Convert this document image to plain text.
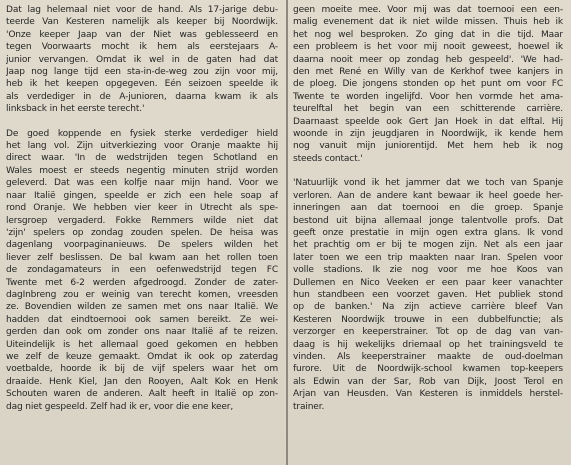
Dat lag helemaal niet voor de hand. Als 17-jarige debu-
teerde Van Kesteren namelijk als keeper bij Noordwijk.
'Onze keeper Jaap van der Niet was geblesseerd en
tegen Voorwaarts mocht ik hem als eerstejaars A-
junior vervangen. Omdat ik wel in de gaten had dat
Jaap nog lange tijd een sta-in-de-weg zou zijn voor mij,
heb ik het keepen opgegeven. Eén seizoen speelde ik
als verdediger in de A-junioren, daarna kwam ik als
linksback in het eerste terecht.'
De goed koppende en fysiek sterke verdediger hield
het lang vol. Zijn uitverkiezing voor Oranje maakte hij
direct waar. 'In de wedstrijden tegen Schotland en
Wales moest er steeds negentig minuten strijd worden
geleverd. Dat was een kolfje naar mijn hand. Voor we
naar Italië gingen, speelde er zich een hele soap af
rond Oranje. We hebben vier keer in Utrecht als spe-
lersgroep vergaderd. Fokke Remmers wilde niet dat
'zijn' spelers op zondag zouden spelen. De heisa was
dagenlang voorpaginanieuws. De spelers wilden het
liever zelf beslissen. De bal kwam aan het rollen toen
de zondagamateurs in een oefenwedstrijd tegen FC
Twente met 6-2 werden afgedroogd. Zonder de zater-
dagInbreng zou er weinig van terecht komen, vreesden
ze. Bovendien wilden ze samen met ons naar Italië. We
hadden dat eindtoernooi ook samen bereikt. Ze wei-
gerden dan ook om zonder ons naar Italië af te reizen.
Uiteindelijk is het allemaal goed gekomen en hebben
we zelf de keuze gemaakt. Omdat ik ook op zaterdag
voetbalde, hoorde ik bij de vijf spelers waar het om
draaide. Henk Kiel, Jan den Rooyen, Aalt Kok en Henk
Schouten waren de anderen. Aalt heeft in Italië op zon-
dag niet gespeeld. Zelf had ik er, voor die ene keer,
geen moeite mee. Voor mij was dat toernooi een een-
malig evenement dat ik niet wilde missen. Thuis heb ik
het nog wel besproken. Zo ging dat in die tijd. Maar
een probleem is het voor mij nooit geweest, hoewel ik
daarna nooit meer op zondag heb gespeeld'. 'We had-
den met René en Willy van de Kerkhof twee kanjers in
de ploeg. Die jongens stonden op het punt om voor FC
Twente te worden ingelijfd. Voor hen vormde het ama-
teurelftal het begin van een schitterende carrière.
Daarnaast speelde ook Gert Jan Hoek in dat elftal. Hij
woonde in zijn jeugdjaren in Noordwijk, ik kende hem
nog vanuit mijn juniorentijd. Met hem heb ik nog
steeds contact.'
'Natuurlijk vond ik het jammer dat we toch van Spanje
verloren. Aan de andere kant bewaar ik heel goede her-
inneringen aan dat toernooi en die groep. Spanje
bestond uit bijna allemaal jonge talentvolle profs. Dat
geeft onze prestatie in mijn ogen extra glans. Ik vond
het prachtig om er bij te mogen zijn. Net als een jaar
later toen we een trip maakten naar Iran. Spelen voor
volle stadions. Ik zie nog voor me hoe Koos van
Dullemen en Nico Veeken er een paar keer vanachter
hun standbeen een voorzet gaven. Het publiek stond
op de banken.' Na zijn actieve carrière bleef Van
Kesteren Noordwijk trouwe in een dubbelfunctie; als
verzorger en keeperstrainer. Tot op de dag van van-
daag is hij wekelijks driemaal op het trainingsveld te
vinden. Als keeperstrainer maakte de oud-doelman
furore. Uit de Noordwijk-school kwamen top-keepers
als Edwin van der Sar, Rob van Dijk, Joost Terol en
Arjan van Heusden. Van Kesteren is inmiddels herstel-
trainer.
